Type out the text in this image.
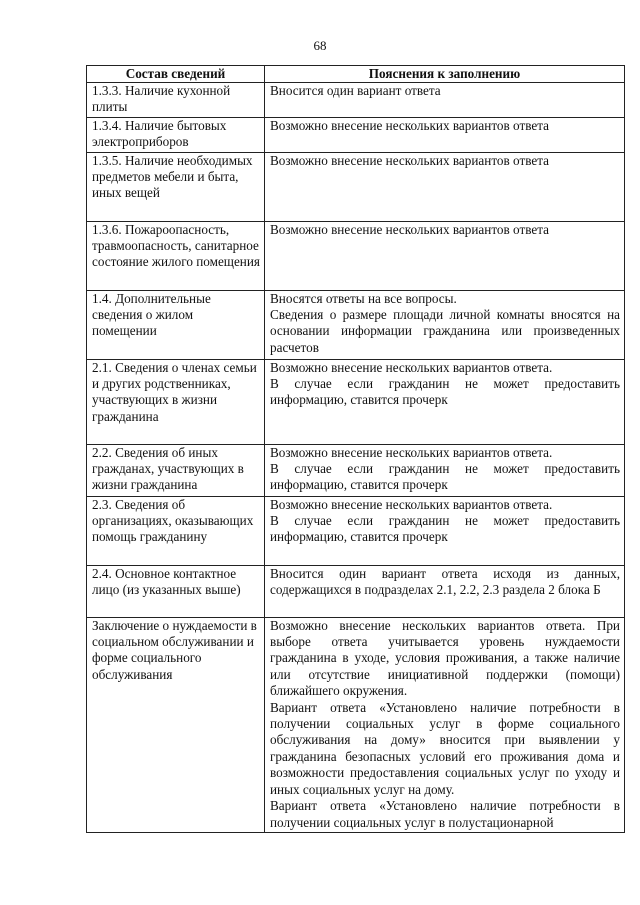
68
Состав сведений	Пояснения к заполнению
1.3.3. Наличие кухонной плиты	Вносится один вариант ответа

1.3.4. Наличие бытовых электроприборов	Возможно внесение нескольких вариантов ответа

1.3.5. Наличие необходимых предметов мебели и быта, иных вещей	Возможно внесение нескольких вариантов ответа

1.3.6. Пожароопасность, травмоопасность, санитарное состояние жилого помещения	Возможно внесение нескольких вариантов ответа

1.4. Дополнительные сведения о жилом помещении	Вносятся ответы на все вопросы.
Сведения о размере площади личной комнаты вносятся на основании информации гражданина или произведенных расчетов

2.1. Сведения о членах семьи и других родственниках, участвующих в жизни гражданина	Возможно внесение нескольких вариантов ответа.
В случае если гражданин не может предоставить информацию, ставится прочерк

2.2. Сведения об иных гражданах, участвующих в жизни гражданина	Возможно внесение нескольких вариантов ответа.
В случае если гражданин не может предоставить информацию, ставится прочерк

2.3. Сведения об организациях, оказывающих помощь гражданину	Возможно внесение нескольких вариантов ответа.
В случае если гражданин не может предоставить информацию, ставится прочерк

2.4. Основное контактное лицо (из указанных выше)	Вносится один вариант ответа исходя из данных, содержащихся в подразделах 2.1, 2.2, 2.3 раздела 2 блока Б

Заключение о нуждаемости в социальном обслуживании и форме социального обслуживания	Возможно внесение нескольких вариантов ответа. При выборе ответа учитывается уровень нуждаемости гражданина в уходе, условия проживания, а также наличие или отсутствие инициативной поддержки (помощи) ближайшего окружения.
Вариант ответа «Установлено наличие потребности в получении социальных услуг в форме социального обслуживания на дому» вносится при выявлении у гражданина безопасных условий его проживания дома и возможности предоставления социальных услуг по уходу и иных социальных услуг на дому.
Вариант ответа «Установлено наличие потребности в получении социальных услуг в полустационарной
